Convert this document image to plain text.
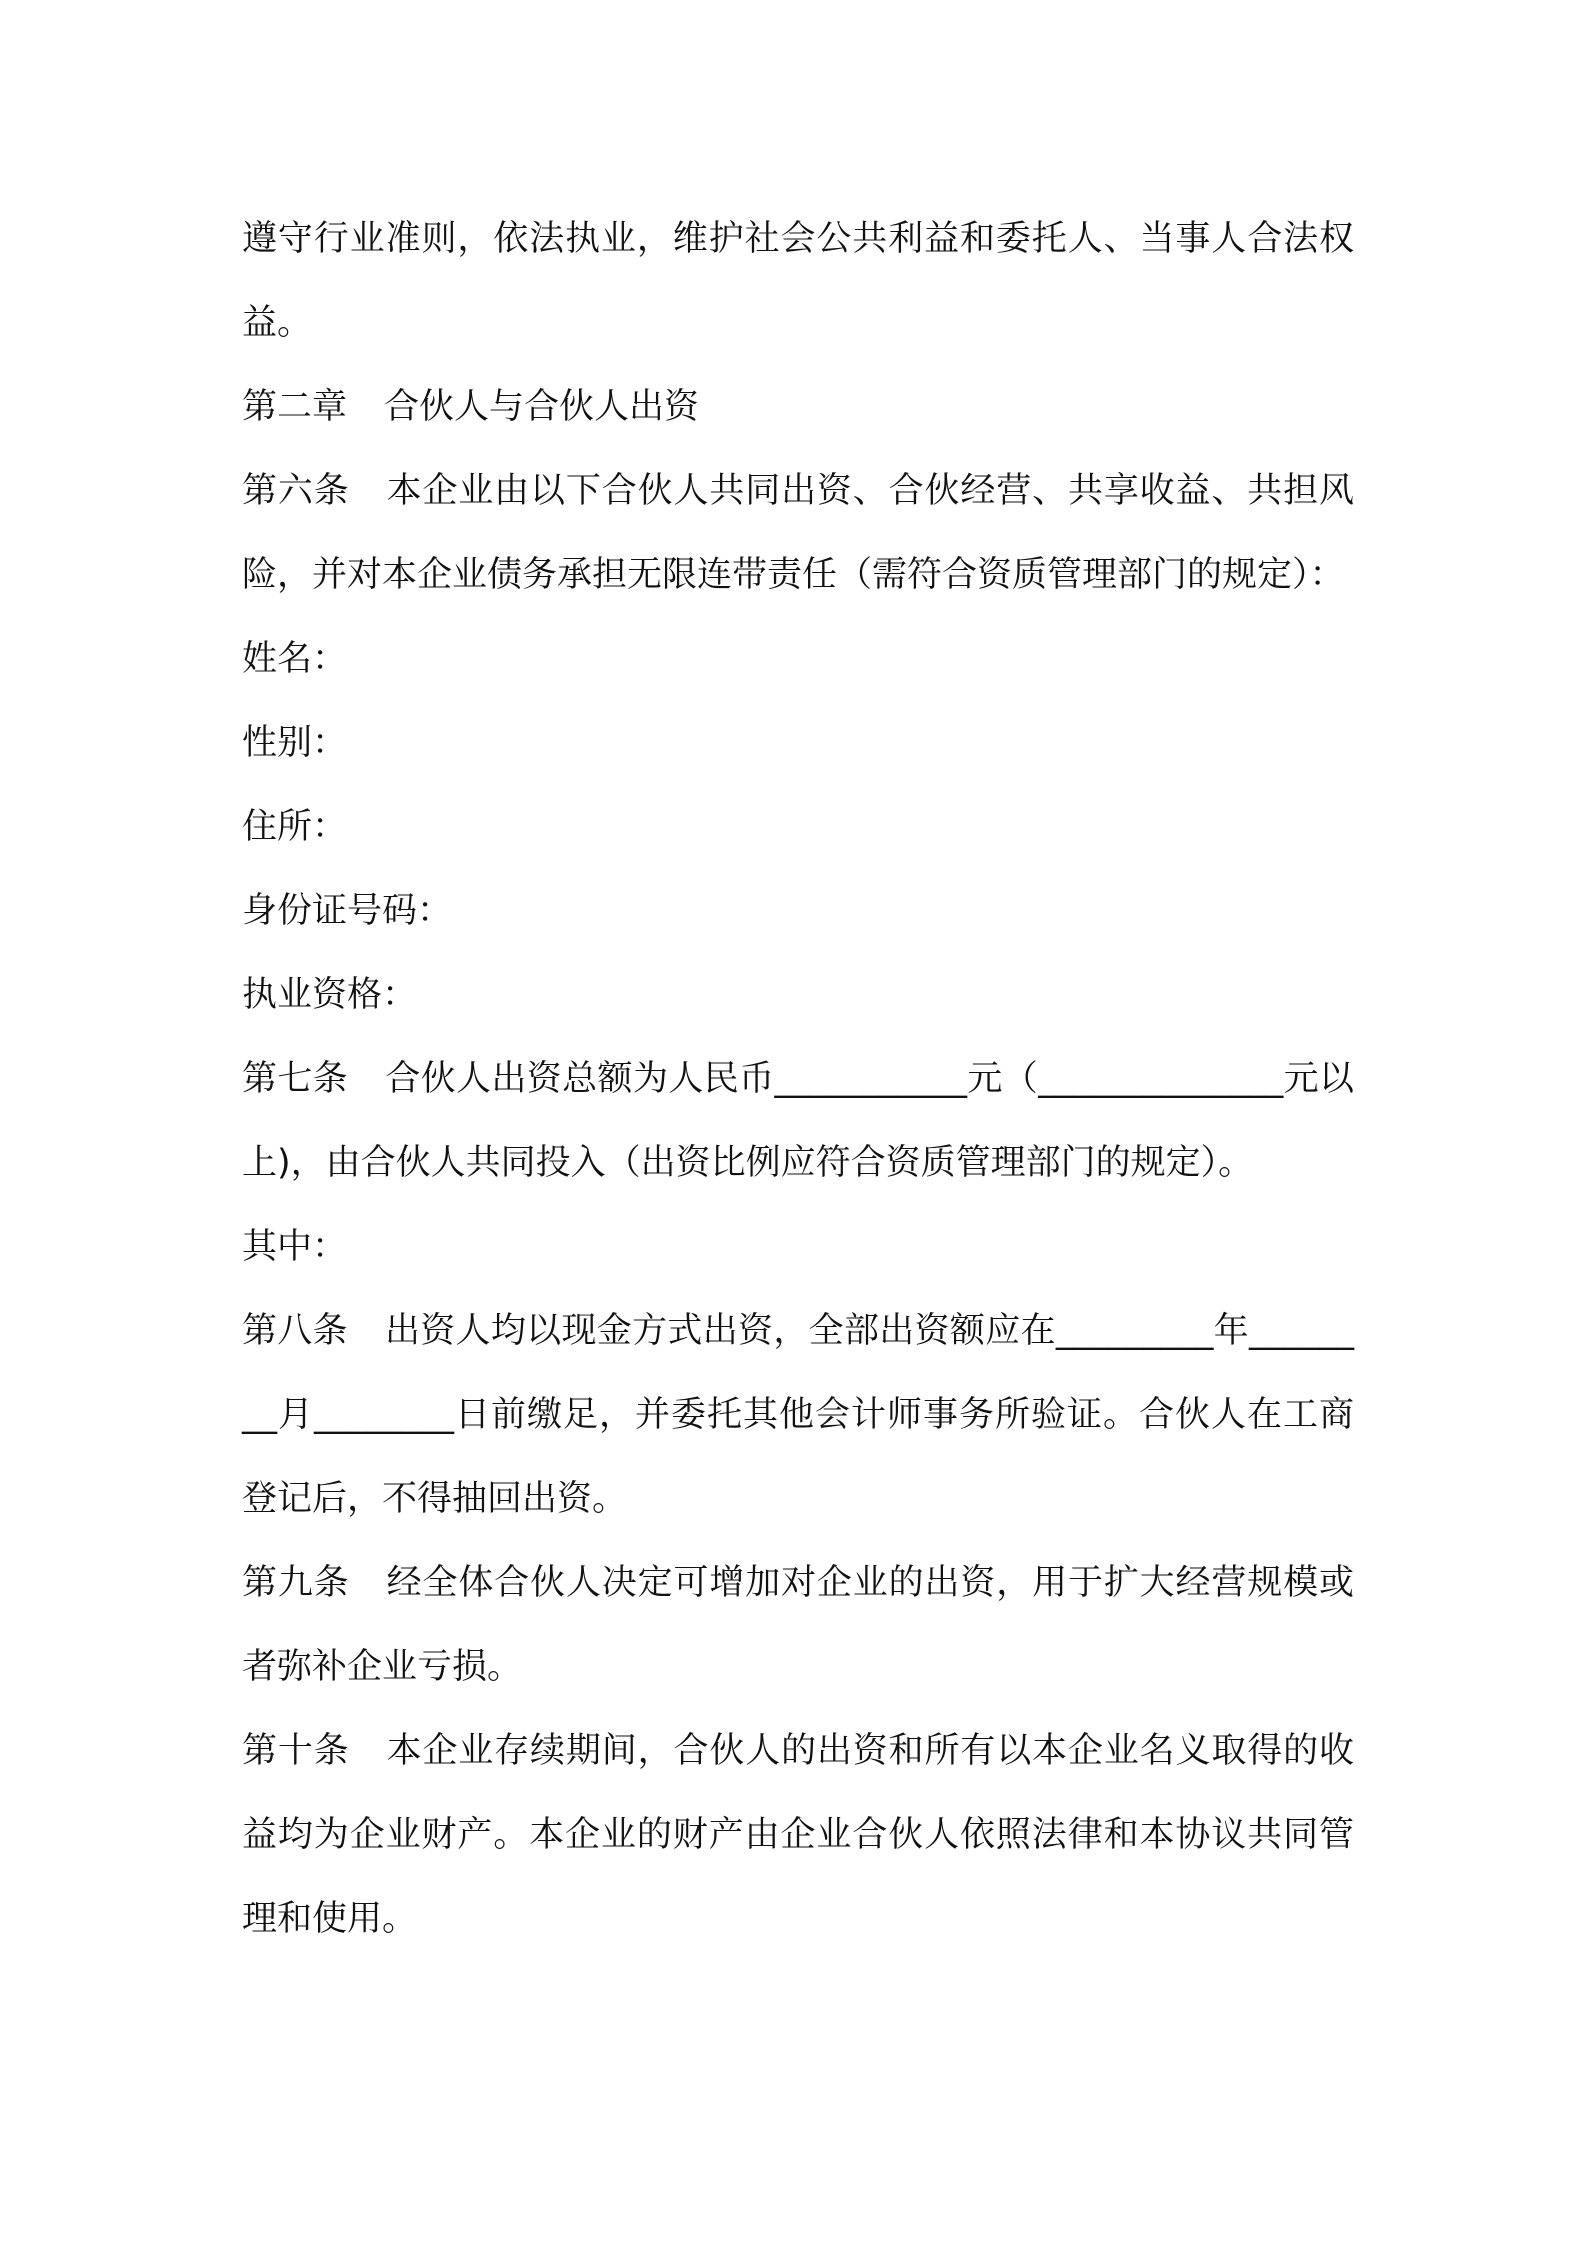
遵守行业准则，依法执业，维护社会公共利益和委托人、当事人合法权益。

第二章 合伙人与合伙人出资

第六条 本企业由以下合伙人共同出资、合伙经营、共享收益、共担风险，并对本企业债务承担无限连带责任（需符合资质管理部门的规定）：

姓名：

性别：

住所：

身份证号码：

执业资格：

第七条 合伙人出资总额为人民币___________元（______________元以上)，由合伙人共同投入（出资比例应符合资质管理部门的规定）。

其中：

第八条 出资人均以现金方式出资，全部出资额应在_________年________月________日前缴足，并委托其他会计师事务所验证。合伙人在工商登记后，不得抽回出资。

第九条 经全体合伙人决定可增加对企业的出资，用于扩大经营规模或者弥补企业亏损。

第十条 本企业存续期间，合伙人的出资和所有以本企业名义取得的收益均为企业财产。本企业的财产由企业合伙人依照法律和本协议共同管理和使用。
